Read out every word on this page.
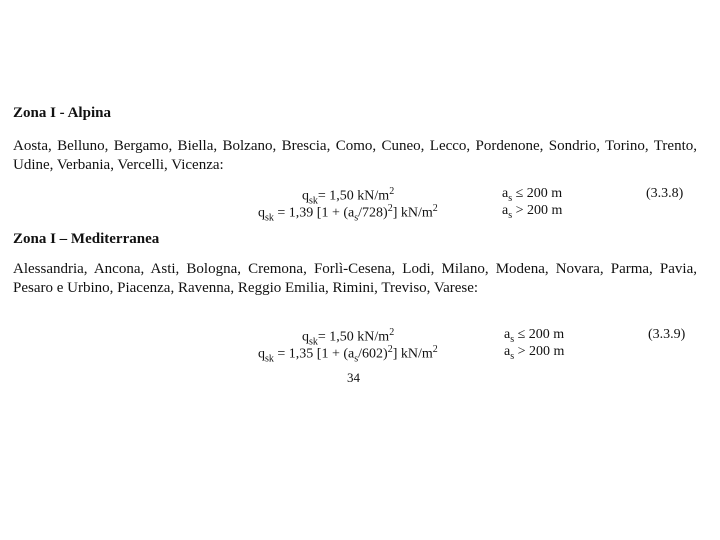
Zona I - Alpina
Aosta, Belluno, Bergamo, Biella, Bolzano, Brescia, Como, Cuneo, Lecco, Pordenone, Sondrio, Torino, Trento, Udine, Verbania, Vercelli, Vicenza:
$q_{sk}= 1,50$ $kN/m^2$	$a_s \le 200$ m	(3.3.8)
$q_{sk} = 1,39$ $[1 + (a_s/728)^2]$ $kN/m^2$	$a_s > 200$ m
Zona I – Mediterranea
Alessandria, Ancona, Asti, Bologna, Cremona, Forlì-Cesena, Lodi, Milano, Modena, Novara, Parma, Pavia, Pesaro e Urbino, Piacenza, Ravenna, Reggio Emilia, Rimini, Treviso, Varese:
$q_{sk}= 1,50$ $kN/m^2$	$a_s \le 200$ m	(3.3.9)
$q_{sk} = 1,35$ $[1 + (a_s/602)^2]$ $kN/m^2$	$a_s > 200$ m
34
